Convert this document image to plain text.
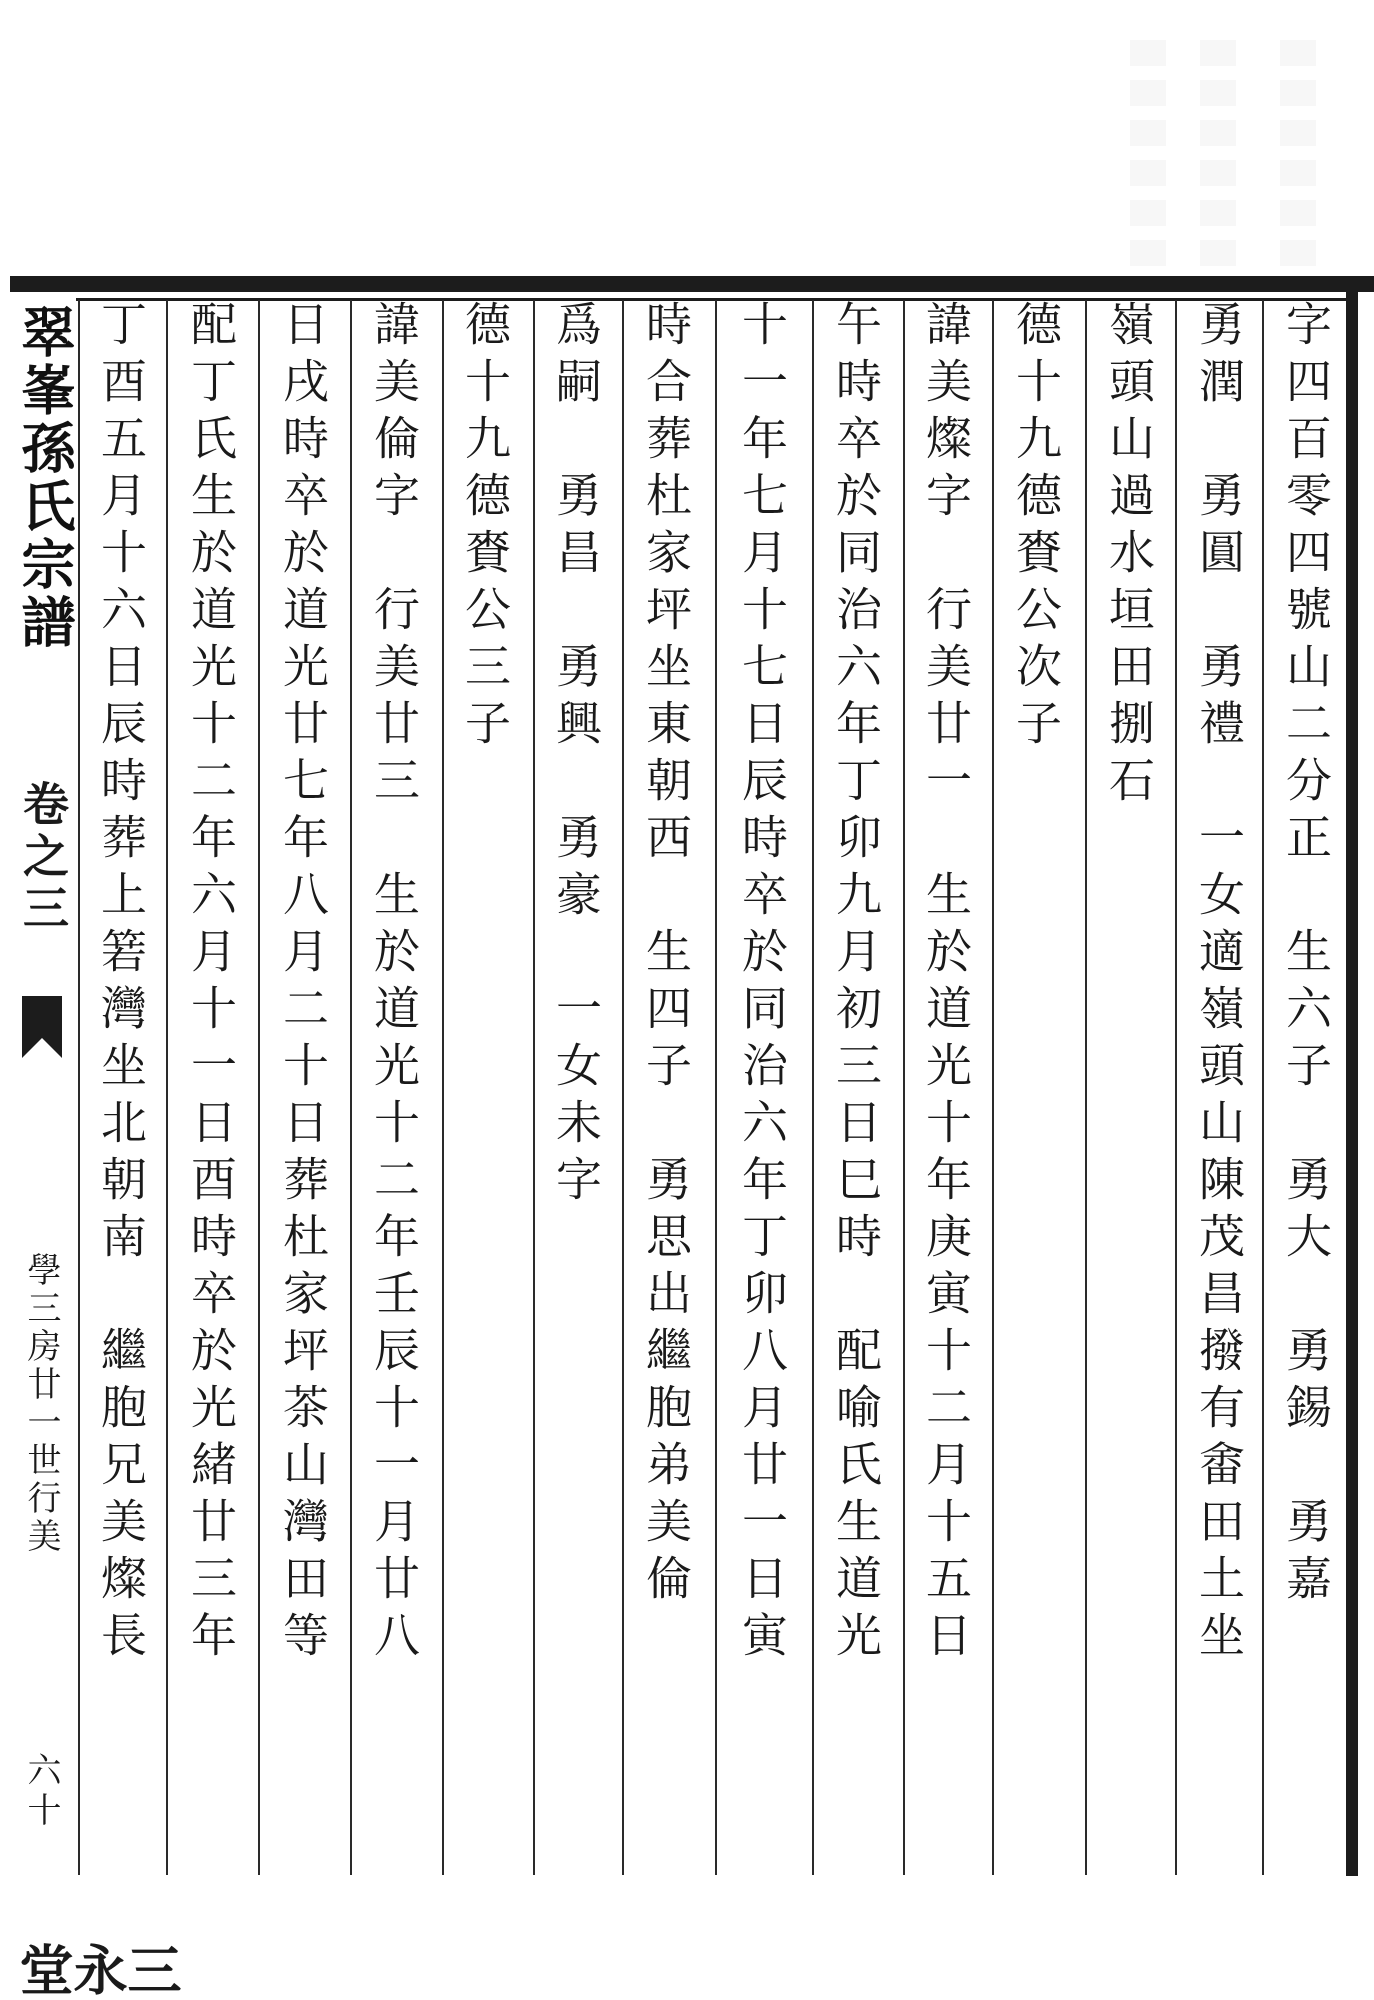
字四百零四號山二分正　生六子　勇大　勇錫　勇嘉
勇潤　勇圓　勇禮　一女適嶺頭山陳茂昌撥有畬田土坐
嶺頭山過水垣田捌石
德十九德賚公次子
諱美燦字　行美廿一　生於道光十年庚寅十二月十五日
午時卒於同治六年丁卯九月初三日巳時　配喻氏生道光
十一年七月十七日辰時卒於同治六年丁卯八月廿一日寅
時合葬杜家坪坐東朝西　生四子　勇思出繼胞弟美倫
爲嗣　勇昌　勇興　勇豪　一女未字
德十九德賚公三子
諱美倫字　行美廿三　生於道光十二年壬辰十一月廿八
日戌時卒於道光廿七年八月二十日葬杜家坪茶山灣田等
配丁氏生於道光十二年六月十一日酉時卒於光緒廿三年
丁酉五月十六日辰時葬上箬灣坐北朝南　繼胞兄美燦長
翠峯孫氏宗譜
學三房廿一世行美
六十
三永堂
卷之三
